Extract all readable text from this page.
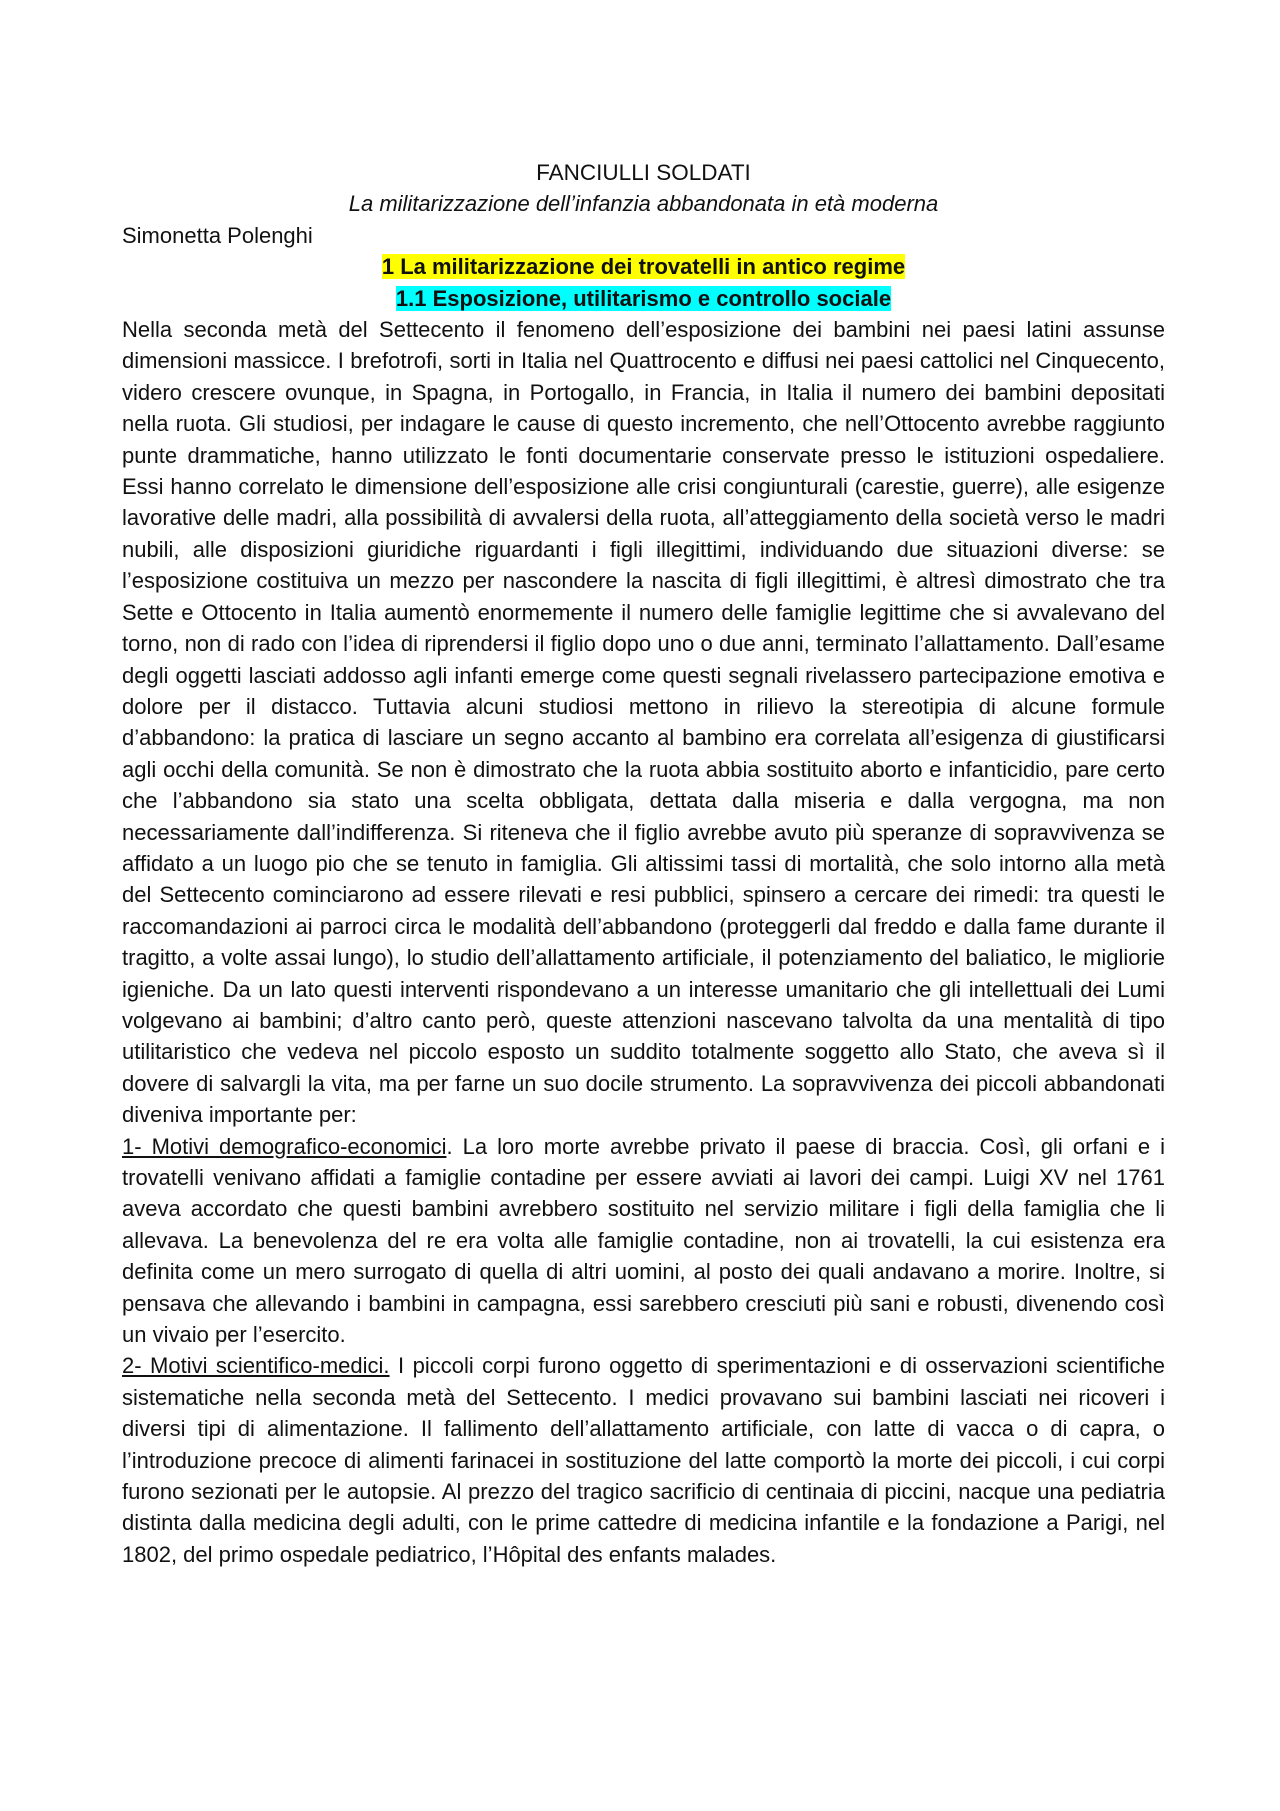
FANCIULLI SOLDATI

La militarizzazione dell’infanzia abbandonata in età moderna

Simonetta Polenghi

1 La militarizzazione dei trovatelli in antico regime

1.1 Esposizione, utilitarismo e controllo sociale

Nella seconda metà del Settecento il fenomeno dell’esposizione dei bambini nei paesi latini assunse dimensioni massicce. I brefotrofi, sorti in Italia nel Quattrocento e diffusi nei paesi cattolici nel Cinquecento, videro crescere ovunque, in Spagna, in Portogallo, in Francia, in Italia il numero dei bambini depositati nella ruota. Gli studiosi, per indagare le cause di questo incremento, che nell’Ottocento avrebbe raggiunto punte drammatiche, hanno utilizzato le fonti documentarie conservate presso le istituzioni ospedaliere. Essi hanno correlato le dimensione dell’esposizione alle crisi congiunturali (carestie, guerre), alle esigenze lavorative delle madri, alla possibilità di avvalersi della ruota, all’atteggiamento della società verso le madri nubili, alle disposizioni giuridiche riguardanti i figli illegittimi, individuando due situazioni diverse: se l’esposizione costituiva un mezzo per nascondere la nascita di figli illegittimi, è altresì dimostrato che tra Sette e Ottocento in Italia aumentò enormemente il numero delle famiglie legittime che si avvalevano del torno, non di rado con l’idea di riprendersi il figlio dopo uno o due anni, terminato l’allattamento. Dall’esame degli oggetti lasciati addosso agli infanti emerge come questi segnali rivelassero partecipazione emotiva e dolore per il distacco. Tuttavia alcuni studiosi mettono in rilievo la stereotipia di alcune formule d’abbandono: la pratica di lasciare un segno accanto al bambino era correlata all’esigenza di giustificarsi agli occhi della comunità. Se non è dimostrato che la ruota abbia sostituito aborto e infanticidio, pare certo che l’abbandono sia stato una scelta obbligata, dettata dalla miseria e dalla vergogna, ma non necessariamente dall’indifferenza. Si riteneva che il figlio avrebbe avuto più speranze di sopravvivenza se affidato a un luogo pio che se tenuto in famiglia. Gli altissimi tassi di mortalità, che solo intorno alla metà del Settecento cominciarono ad essere rilevati e resi pubblici, spinsero a cercare dei rimedi: tra questi le raccomandazioni ai parroci circa le modalità dell’abbandono (proteggerli dal freddo e dalla fame durante il tragitto, a volte assai lungo), lo studio dell’allattamento artificiale, il potenziamento del baliatico, le migliorie igieniche. Da un lato questi interventi rispondevano a un interesse umanitario che gli intellettuali dei Lumi volgevano ai bambini; d’altro canto però, queste attenzioni nascevano talvolta da una mentalità di tipo utilitaristico che vedeva nel piccolo esposto un suddito totalmente soggetto allo Stato, che aveva sì il dovere di salvargli la vita, ma per farne un suo docile strumento. La sopravvivenza dei piccoli abbandonati diveniva importante per:

1- Motivi demografico-economici. La loro morte avrebbe privato il paese di braccia. Così, gli orfani e i trovatelli venivano affidati a famiglie contadine per essere avviati ai lavori dei campi. Luigi XV nel 1761 aveva accordato che questi bambini avrebbero sostituito nel servizio militare i figli della famiglia che li allevava. La benevolenza del re era volta alle famiglie contadine, non ai trovatelli, la cui esistenza era definita come un mero surrogato di quella di altri uomini, al posto dei quali andavano a morire. Inoltre, si pensava che allevando i bambini in campagna, essi sarebbero cresciuti più sani e robusti, divenendo così un vivaio per l’esercito.

2- Motivi scientifico-medici. I piccoli corpi furono oggetto di sperimentazioni e di osservazioni scientifiche sistematiche nella seconda metà del Settecento. I medici provavano sui bambini lasciati nei ricoveri i diversi tipi di alimentazione. Il fallimento dell’allattamento artificiale, con latte di vacca o di capra, o l’introduzione precoce di alimenti farinacei in sostituzione del latte comportò la morte dei piccoli, i cui corpi furono sezionati per le autopsie. Al prezzo del tragico sacrificio di centinaia di piccini, nacque una pediatria distinta dalla medicina degli adulti, con le prime cattedre di medicina infantile e la fondazione a Parigi, nel 1802, del primo ospedale pediatrico, l’Hôpital des enfants malades.
